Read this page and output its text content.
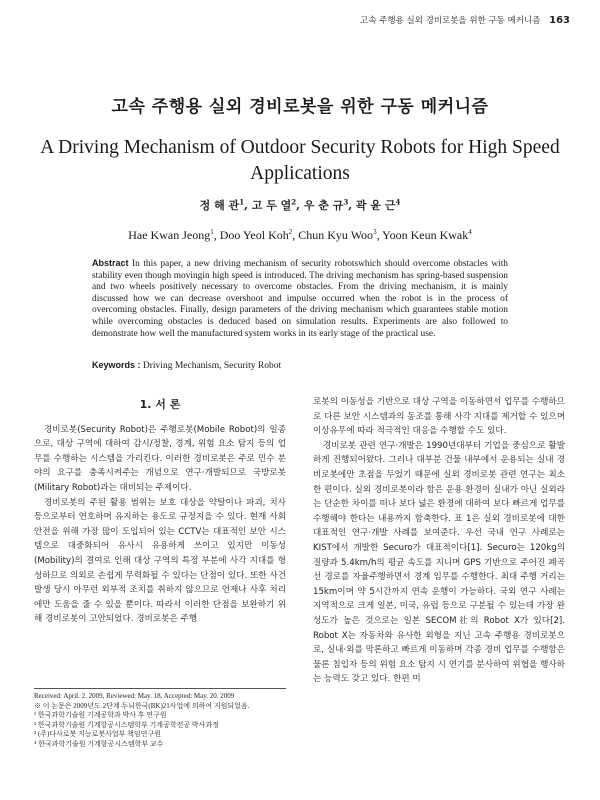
고속 주행용 실외 경비로봇을 위한 구동 메커니즘 163
고속 주행용 실외 경비로봇을 위한 구동 메커니즘
A Driving Mechanism of Outdoor Security Robots for High Speed Applications
정 해 관$^1$, 고 두 열$^2$, 우 춘 규$^3$, 곽 윤 근$^4$
Hae Kwan Jeong$^1$, Doo Yeol Koh$^2$, Chun Kyu Woo$^3$, Yoon Keun Kwak$^4$
Abstract In this paper, a new driving mechanism of security robotswhich should overcome obstacles with stability even though movingin high speed is introduced. The driving mechanism has spring-based suspension and two wheels positively necessary to overcome obstacles. From the driving mechanism, it is mainly discussed how we can decrease overshoot and impulse occurred when the robot is in the process of overcoming obstacles. Finally, design parameters of the driving mechanism which guarantees stable motion while overcoming obstacles is deduced based on simulation results. Experiments are also followed to demonstrate how well the manufactured system works in its early stage of the practical use.
Keywords : Driving Mechanism, Security Robot
1. 서 론

경비로봇(Security Robot)은 주행로봇(Mobile Robot)의 일종으로, 대상 구역에 대하여 감시/정찰, 경계, 위험 요소 탐지 등의 업무를 수행하는 시스템을 가리킨다. 이러한 경비로봇은 주로 민수 분야의 요구를 충족시켜주는 개념으로 연구·개발되므로 국방로봇(Military Robot)과는 대비되는 주제이다.

경비로봇의 주된 활용 범위는 보호 대상을 약탈이나 파괴, 치사 등으로부터 연호하며 유지하는 용도로 규정지을 수 있다. 현재 사회 안전을 위해 가장 많이 도입되어 있는 CCTV는 대표적인 보안 시스템으로 대중화되어 유사시 유용하게 쓰이고 있지만 이동성(Mobility)의 결여로 인해 대상 구역의 특정 부분에 사각 지대를 형성하므로 의외로 손쉽게 무력화될 수 있다는 단점이 있다. 또한 사건 발생 당시 아무런 외부적 조치를 취하지 않으므로 언제나 사후 처리에만 도움을 줄 수 있을 뿐이다. 따라서 이러한 단점을 보완하기 위해 경비로봇이 고안되었다. 경비로봇은 주행

로봇의 이동성을 기반으로 대상 구역을 이동하면서 업무를 수행하므로 다른 보안 시스템과의 동조를 통해 사각 지대를 제거할 수 있으며 이상유무에 따라 적극적인 대응을 수행할 수도 있다.

경비로봇 관련 연구·개발은 1990년대부터 기업을 중심으로 활발하게 진행되어왔다. 그러나 대부분 건물 내부에서 운용되는 실내 경비로봇에만 초점을 두었기 때문에 실외 경비로봇 관련 연구는 최소한 편이다. 실외 경비로봇이라 함은 운용 환경이 실내가 아닌 실외라는 단순한 차이를 떠나 보다 넓은 환경에 대하여 보다 빠르게 업무를 수행해야 한다는 내용까지 함축한다. 표 1은 실외 경비로봇에 대한 대표적인 연구·개발 사례를 보여준다. 우선 국내 연구 사례로는 KIST에서 개발한 Securo가 대표적이다[1]. Securo는 120kg의 질량과 5.4km/h의 평균 속도를 지니며 GPS 기반으로 주어진 폐곡선 경로를 자율주행하면서 경계 임무를 수행한다. 최대 주행 거리는 15km이며 약 5시간까지 연속 운행이 가능하다. 국외 연구 사례는 지역적으로 크게 일본, 미국, 유럽 등으로 구분될 수 있는데 가장 완성도가 높은 것으로는 일본 SECOM社의 Robot X가 있다[2]. Robot X는 자동차와 유사한 외형을 지닌 고속 주행용 경비로봇으로, 실내·외를 막론하고 빠르게 이동하며 각종 경비 업무를 수행함은 물론 침입자 등의 위험 요소 탐지 시 연기를 분사하여 위협을 행사하는 능력도 갖고 있다. 한편 미

Received: April. 2. 2009, Reviewed: May. 18, Accepted: May. 20. 2009
※ 이 논문은 2009년도 2단계 두뇌한국(BK)21사업에 의하여 지원되었음.
¹ 한국과학기술원 기계공학과 박사 후 연구원
² 한국과학기술원 기계항공시스템학부 기계공학전공 박사과정
³ (주)다사로봇 지능로봇사업부 책임연구원
⁴ 한국과학기술원 기계항공시스템학부 교수
